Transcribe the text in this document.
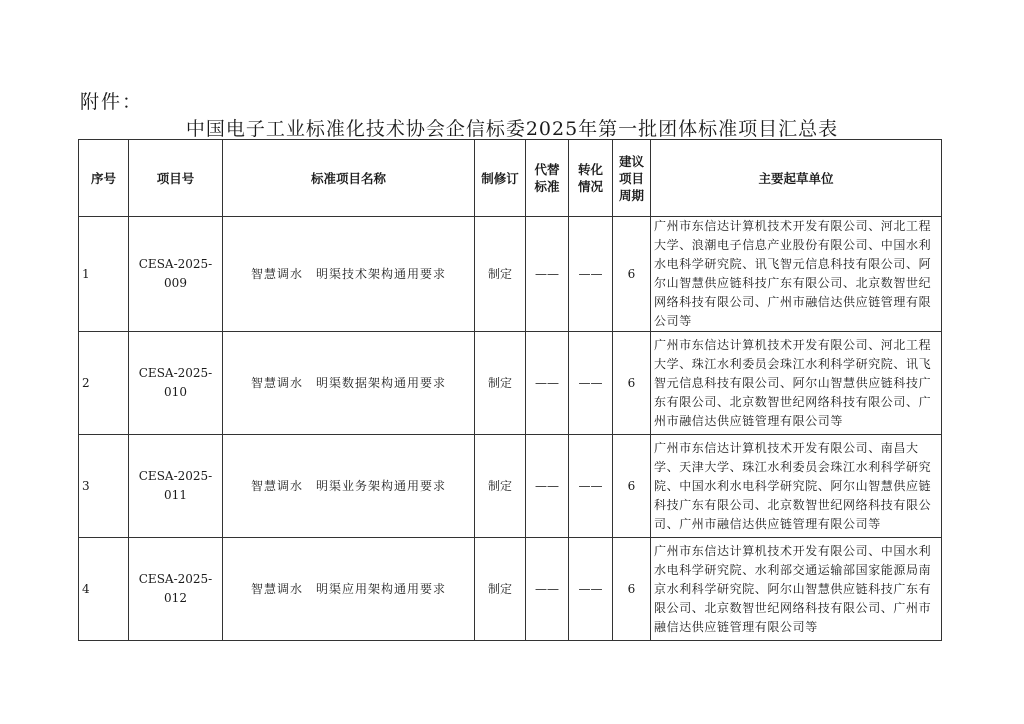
附件：
中国电子工业标准化技术协会企信标委2025年第一批团体标准项目汇总表
序号	项目号	标准项目名称	制修订	代替标准	转化情况	建议项目周期	主要起草单位
1	CESA-2025-009	智慧调水　明渠技术架构通用要求	制定	——	——	6	广州市东信达计算机技术开发有限公司、河北工程大学、浪潮电子信息产业股份有限公司、中国水利水电科学研究院、讯飞智元信息科技有限公司、阿尔山智慧供应链科技广东有限公司、北京数智世纪网络科技有限公司、广州市融信达供应链管理有限公司等
2	CESA-2025-010	智慧调水　明渠数据架构通用要求	制定	——	——	6	广州市东信达计算机技术开发有限公司、河北工程大学、珠江水利委员会珠江水利科学研究院、讯飞智元信息科技有限公司、阿尔山智慧供应链科技广东有限公司、北京数智世纪网络科技有限公司、广州市融信达供应链管理有限公司等
3	CESA-2025-011	智慧调水　明渠业务架构通用要求	制定	——	——	6	广州市东信达计算机技术开发有限公司、南昌大学、天津大学、珠江水利委员会珠江水利科学研究院、中国水利水电科学研究院、阿尔山智慧供应链科技广东有限公司、北京数智世纪网络科技有限公司、广州市融信达供应链管理有限公司等
4	CESA-2025-012	智慧调水　明渠应用架构通用要求	制定	——	——	6	广州市东信达计算机技术开发有限公司、中国水利水电科学研究院、水利部交通运输部国家能源局南京水利科学研究院、阿尔山智慧供应链科技广东有限公司、北京数智世纪网络科技有限公司、广州市融信达供应链管理有限公司等
